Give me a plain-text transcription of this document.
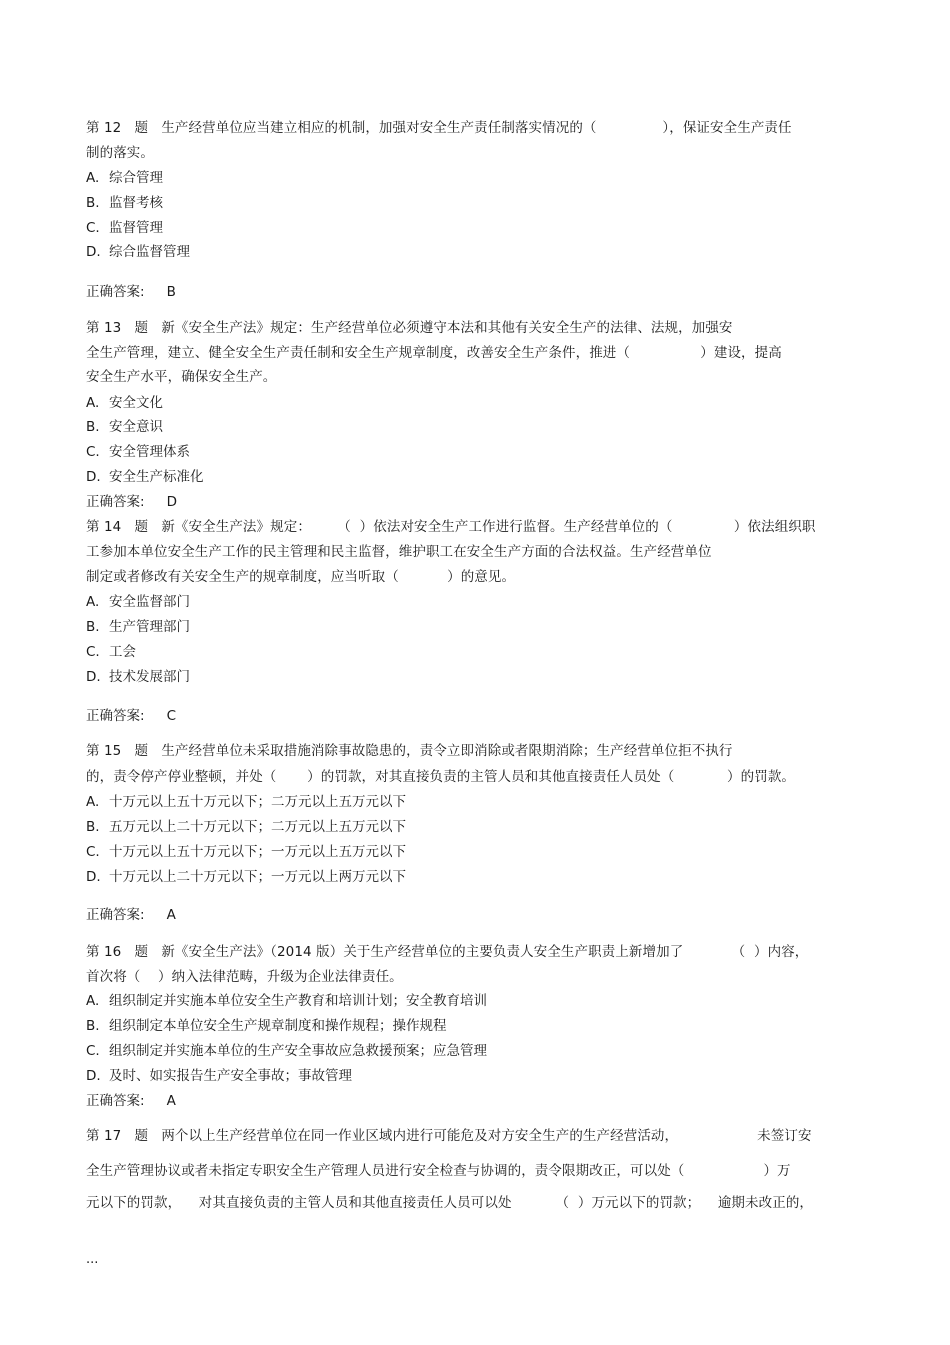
第 12   题   生产经营单位应当建立相应的机制，加强对安全生产责任制落实情况的（               ），保证安全生产责任
制的落实。
A. 综合管理
B. 监督考核
C. 监督管理
D. 综合监督管理
正确答案: B
第 13   题   新《安全生产法》规定：生产经营单位必须遵守本法和其他有关安全生产的法律、法规，加强安
全生产管理，建立、健全安全生产责任制和安全生产规章制度，改善安全生产条件，推进（                ）建设，提高
安全生产水平，确保安全生产。
A. 安全文化
B. 安全意识
C. 安全管理体系
D. 安全生产标准化
正确答案: D
第 14   题   新《安全生产法》规定：      （  ）依法对安全生产工作进行监督。生产经营单位的（              ）依法组织职
工参加本单位安全生产工作的民主管理和民主监督，维护职工在安全生产方面的合法权益。生产经营单位
制定或者修改有关安全生产的规章制度，应当听取（           ）的意见。
A. 安全监督部门
B. 生产管理部门
C. 工会
D. 技术发展部门
正确答案: C
第 15   题   生产经营单位未采取措施消除事故隐患的，责令立即消除或者限期消除；生产经营单位拒不执行
的，责令停产停业整顿，并处（       ）的罚款，对其直接负责的主管人员和其他直接责任人员处（            ）的罚款。
A. 十万元以上五十万元以下；二万元以上五万元以下
B. 五万元以上二十万元以下；二万元以上五万元以下
C. 十万元以上五十万元以下；一万元以上五万元以下
D. 十万元以上二十万元以下；一万元以上两万元以下
正确答案: A
第 16   题   新《安全生产法》（2014 版）关于生产经营单位的主要负责人安全生产职责上新增加了           （  ）内容，
首次将（    ）纳入法律范畴，升级为企业法律责任。
A. 组织制定并实施本单位安全生产教育和培训计划；安全教育培训
B. 组织制定本单位安全生产规章制度和操作规程；操作规程
C. 组织制定并实施本单位的生产安全事故应急救援预案；应急管理
D. 及时、如实报告生产安全事故；事故管理
正确答案: A
第 17   题   两个以上生产经营单位在同一作业区域内进行可能危及对方安全生产的生产经营活动，                  未签订安
全生产管理协议或者未指定专职安全生产管理人员进行安全检查与协调的，责令限期改正，可以处（                  ）万
元以下的罚款，    对其直接负责的主管人员和其他直接责任人员可以处          （  ）万元以下的罚款；    逾期未改正的，
...
